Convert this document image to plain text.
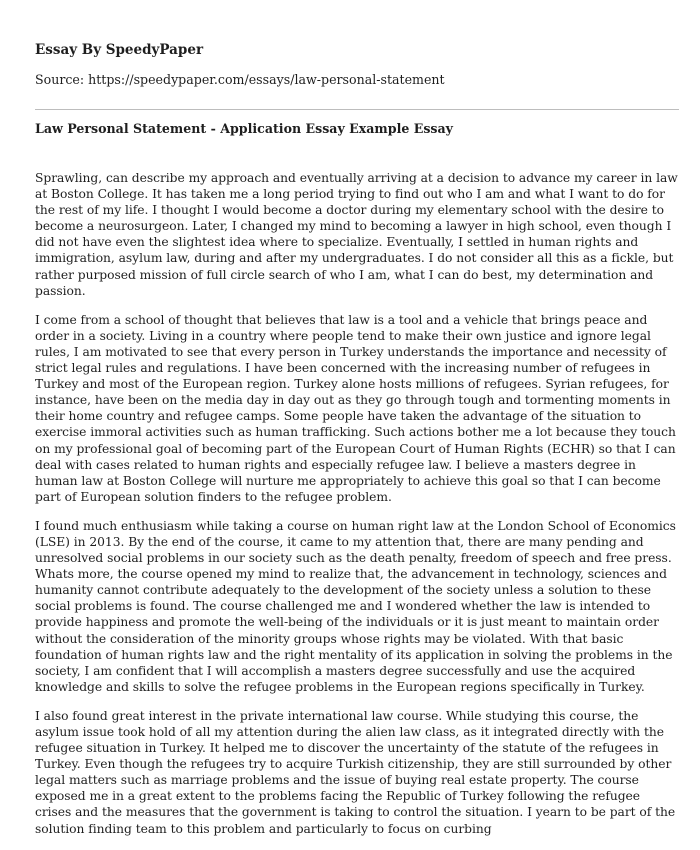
Essay By SpeedyPaper

Source: https://speedypaper.com/essays/law-personal-statement

Law Personal Statement - Application Essay Example Essay

Sprawling, can describe my approach and eventually arriving at a decision to advance my career in law at Boston College. It has taken me a long period trying to find out who I am and what I want to do for the rest of my life. I thought I would become a doctor during my elementary school with the desire to become a neurosurgeon. Later, I changed my mind to becoming a lawyer in high school, even though I did not have even the slightest idea where to specialize. Eventually, I settled in human rights and immigration, asylum law, during and after my undergraduates. I do not consider all this as a fickle, but rather purposed mission of full circle search of who I am, what I can do best, my determination and passion.

I come from a school of thought that believes that law is a tool and a vehicle that brings peace and order in a society. Living in a country where people tend to make their own justice and ignore legal rules, I am motivated to see that every person in Turkey understands the importance and necessity of strict legal rules and regulations. I have been concerned with the increasing number of refugees in Turkey and most of the European region. Turkey alone hosts millions of refugees. Syrian refugees, for instance, have been on the media day in day out as they go through tough and tormenting moments in their home country and refugee camps. Some people have taken the advantage of the situation to exercise immoral activities such as human trafficking. Such actions bother me a lot because they touch on my professional goal of becoming part of the European Court of Human Rights (ECHR) so that I can deal with cases related to human rights and especially refugee law. I believe a masters degree in human law at Boston College will nurture me appropriately to achieve this goal so that I can become part of European solution finders to the refugee problem.

I found much enthusiasm while taking a course on human right law at the London School of Economics (LSE) in 2013. By the end of the course, it came to my attention that, there are many pending and unresolved social problems in our society such as the death penalty, freedom of speech and free press. Whats more, the course opened my mind to realize that, the advancement in technology, sciences and humanity cannot contribute adequately to the development of the society unless a solution to these social problems is found. The course challenged me and I wondered whether the law is intended to provide happiness and promote the well-being of the individuals or it is just meant to maintain order without the consideration of the minority groups whose rights may be violated. With that basic foundation of human rights law and the right mentality of its application in solving the problems in the society, I am confident that I will accomplish a masters degree successfully and use the acquired knowledge and skills to solve the refugee problems in the European regions specifically in Turkey.

I also found great interest in the private international law course. While studying this course, the asylum issue took hold of all my attention during the alien law class, as it integrated directly with the refugee situation in Turkey. It helped me to discover the uncertainty of the statute of the refugees in Turkey. Even though the refugees try to acquire Turkish citizenship, they are still surrounded by other legal matters such as marriage problems and the issue of buying real estate property. The course exposed me in a great extent to the problems facing the Republic of Turkey following the refugee crises and the measures that the government is taking to control the situation. I yearn to be part of the solution finding team to this problem and particularly to focus on curbing
